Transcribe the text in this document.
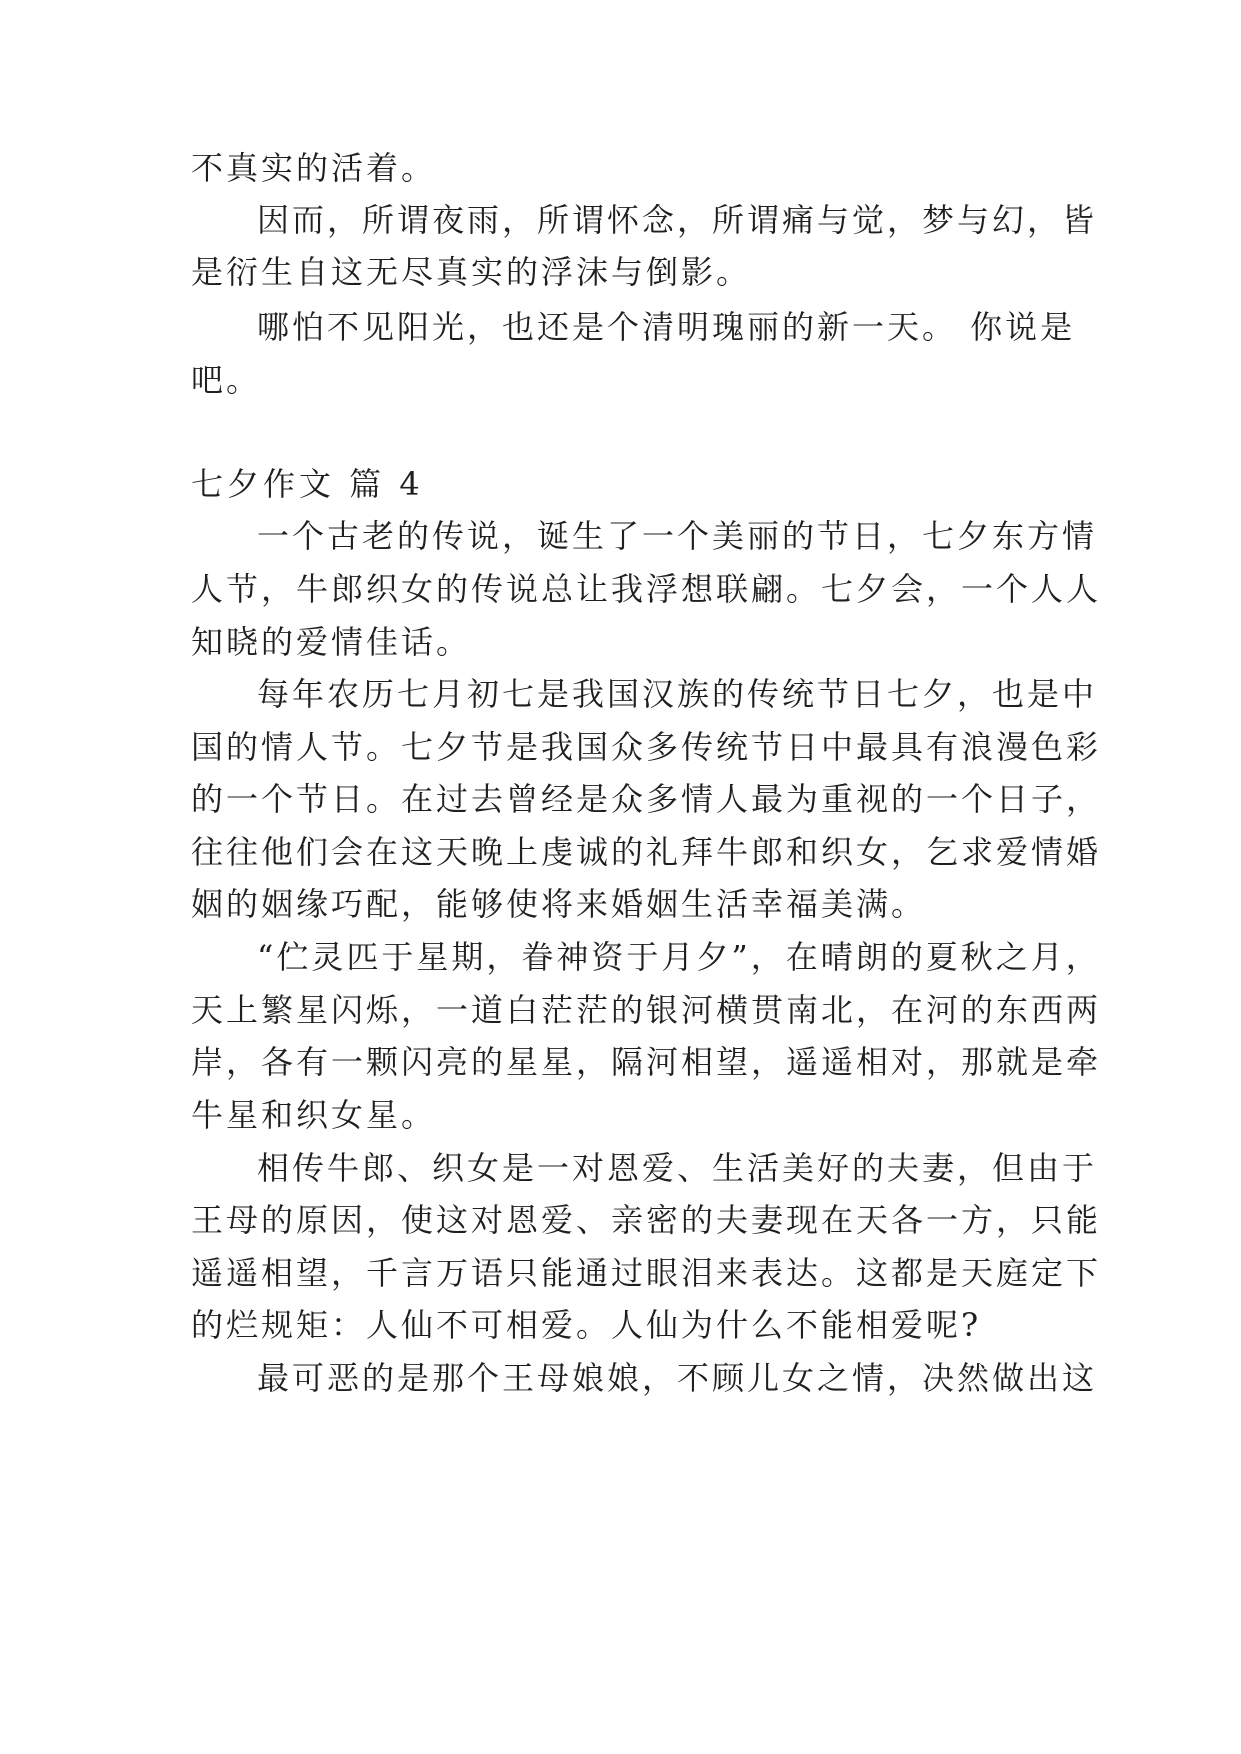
不真实的活着。
因而，所谓夜雨，所谓怀念，所谓痛与觉，梦与幻，皆
是衍生自这无尽真实的浮沫与倒影。
哪怕不见阳光，也还是个清明瑰丽的新一天。 你说是
吧。
七夕作文 篇 4
一个古老的传说，诞生了一个美丽的节日，七夕东方情
人节，牛郎织女的传说总让我浮想联翩。七夕会，一个人人
知晓的爱情佳话。
每年农历七月初七是我国汉族的传统节日七夕，也是中
国的情人节。七夕节是我国众多传统节日中最具有浪漫色彩
的一个节日。在过去曾经是众多情人最为重视的一个日子，
往往他们会在这天晚上虔诚的礼拜牛郎和织女，乞求爱情婚
姻的姻缘巧配，能够使将来婚姻生活幸福美满。
“伫灵匹于星期，眷神资于月夕”，在晴朗的夏秋之月，
天上繁星闪烁，一道白茫茫的银河横贯南北，在河的东西两
岸，各有一颗闪亮的星星，隔河相望，遥遥相对，那就是牵
牛星和织女星。
相传牛郎、织女是一对恩爱、生活美好的夫妻，但由于
王母的原因，使这对恩爱、亲密的夫妻现在天各一方，只能
遥遥相望，千言万语只能通过眼泪来表达。这都是天庭定下
的烂规矩：人仙不可相爱。人仙为什么不能相爱呢?
最可恶的是那个王母娘娘，不顾儿女之情，决然做出这
